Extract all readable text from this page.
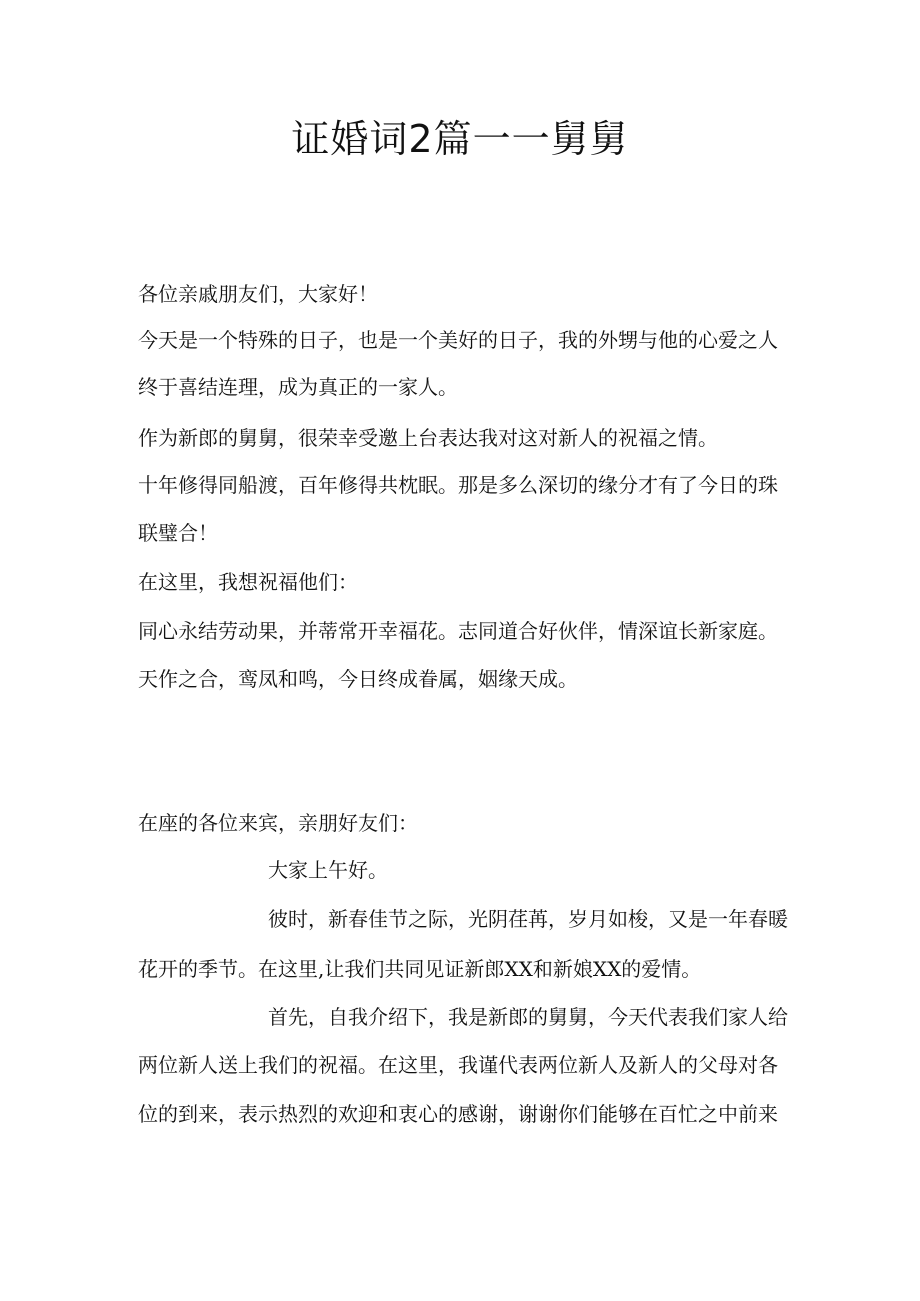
证婚词2篇一一舅舅

各位亲戚朋友们，大家好！

今天是一个特殊的日子，也是一个美好的日子，我的外甥与他的心爱之人

终于喜结连理，成为真正的一家人。

作为新郎的舅舅，很荣幸受邀上台表达我对这对新人的祝福之情。

十年修得同船渡，百年修得共枕眠。那是多么深切的缘分才有了今日的珠

联璧合！

在这里，我想祝福他们：

同心永结劳动果，并蒂常开幸福花。志同道合好伙伴，情深谊长新家庭。

天作之合，鸾凤和鸣，今日终成眷属，姻缘天成。

在座的各位来宾，亲朋好友们：

大家上午好。

彼时，新春佳节之际，光阴荏苒，岁月如梭，又是一年春暖

花开的季节。在这里,让我们共同见证新郎XX和新娘XX的爱情。

首先，自我介绍下，我是新郎的舅舅，今天代表我们家人给

两位新人送上我们的祝福。在这里，我谨代表两位新人及新人的父母对各

位的到来，表示热烈的欢迎和衷心的感谢，谢谢你们能够在百忙之中前来
